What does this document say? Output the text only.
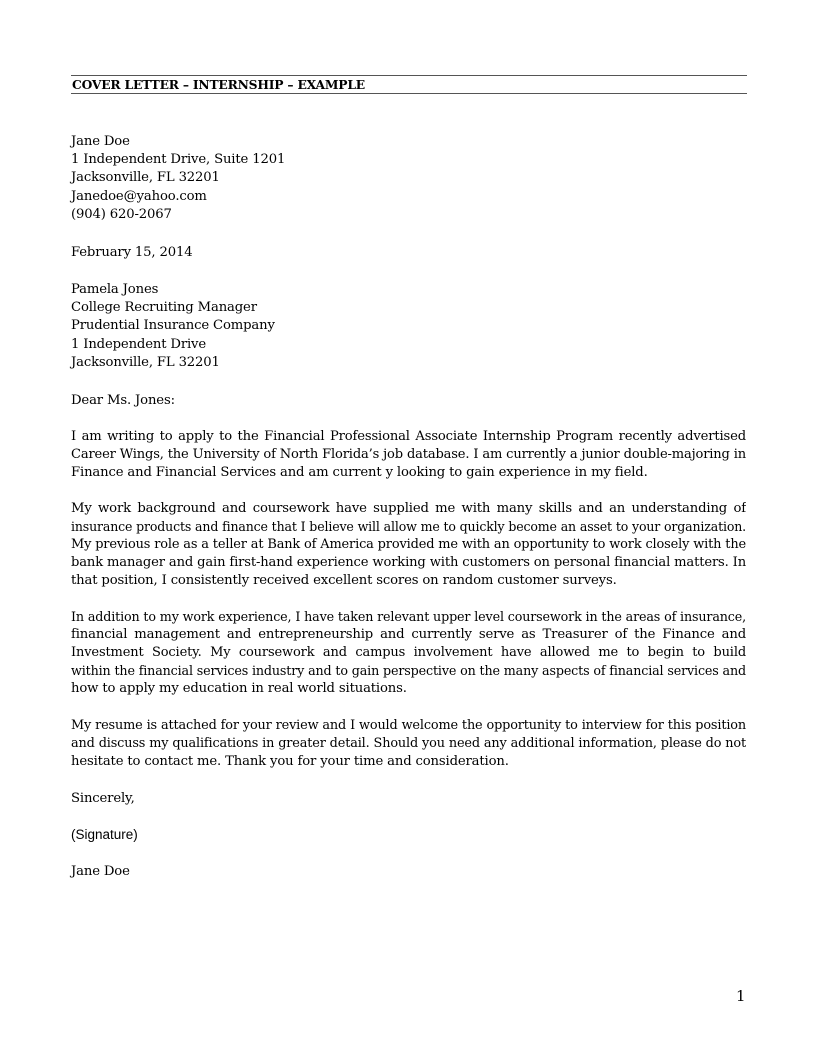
COVER LETTER – INTERNSHIP – EXAMPLE
Jane Doe
1 Independent Drive, Suite 1201
Jacksonville, FL 32201
Janedoe@yahoo.com
(904) 620-2067
February 15, 2014
Pamela Jones
College Recruiting Manager
Prudential Insurance Company
1 Independent Drive
Jacksonville, FL 32201
Dear Ms. Jones:
I am writing to apply to the Financial Professional Associate Internship Program recently advertised
Career Wings, the University of North Florida’s job database. I am currently a junior double-majoring in
Finance and Financial Services and am current y looking to gain experience in my field.
My work background and coursework have supplied me with many skills and an understanding of
insurance products and finance that I believe will allow me to quickly become an asset to your organization.
My previous role as a teller at Bank of America provided me with an opportunity to work closely with the
bank manager and gain first-hand experience working with customers on personal financial matters. In
that position, I consistently received excellent scores on random customer surveys.
In addition to my work experience, I have taken relevant upper level coursework in the areas of insurance,
financial management and entrepreneurship and currently serve as Treasurer of the Finance and
Investment Society. My coursework and campus involvement have allowed me to begin to build
within the financial services industry and to gain perspective on the many aspects of financial services and
how to apply my education in real world situations.
My resume is attached for your review and I would welcome the opportunity to interview for this position
and discuss my qualifications in greater detail. Should you need any additional information, please do not
hesitate to contact me. Thank you for your time and consideration.
Sincerely,
(Signature)
Jane Doe
1
